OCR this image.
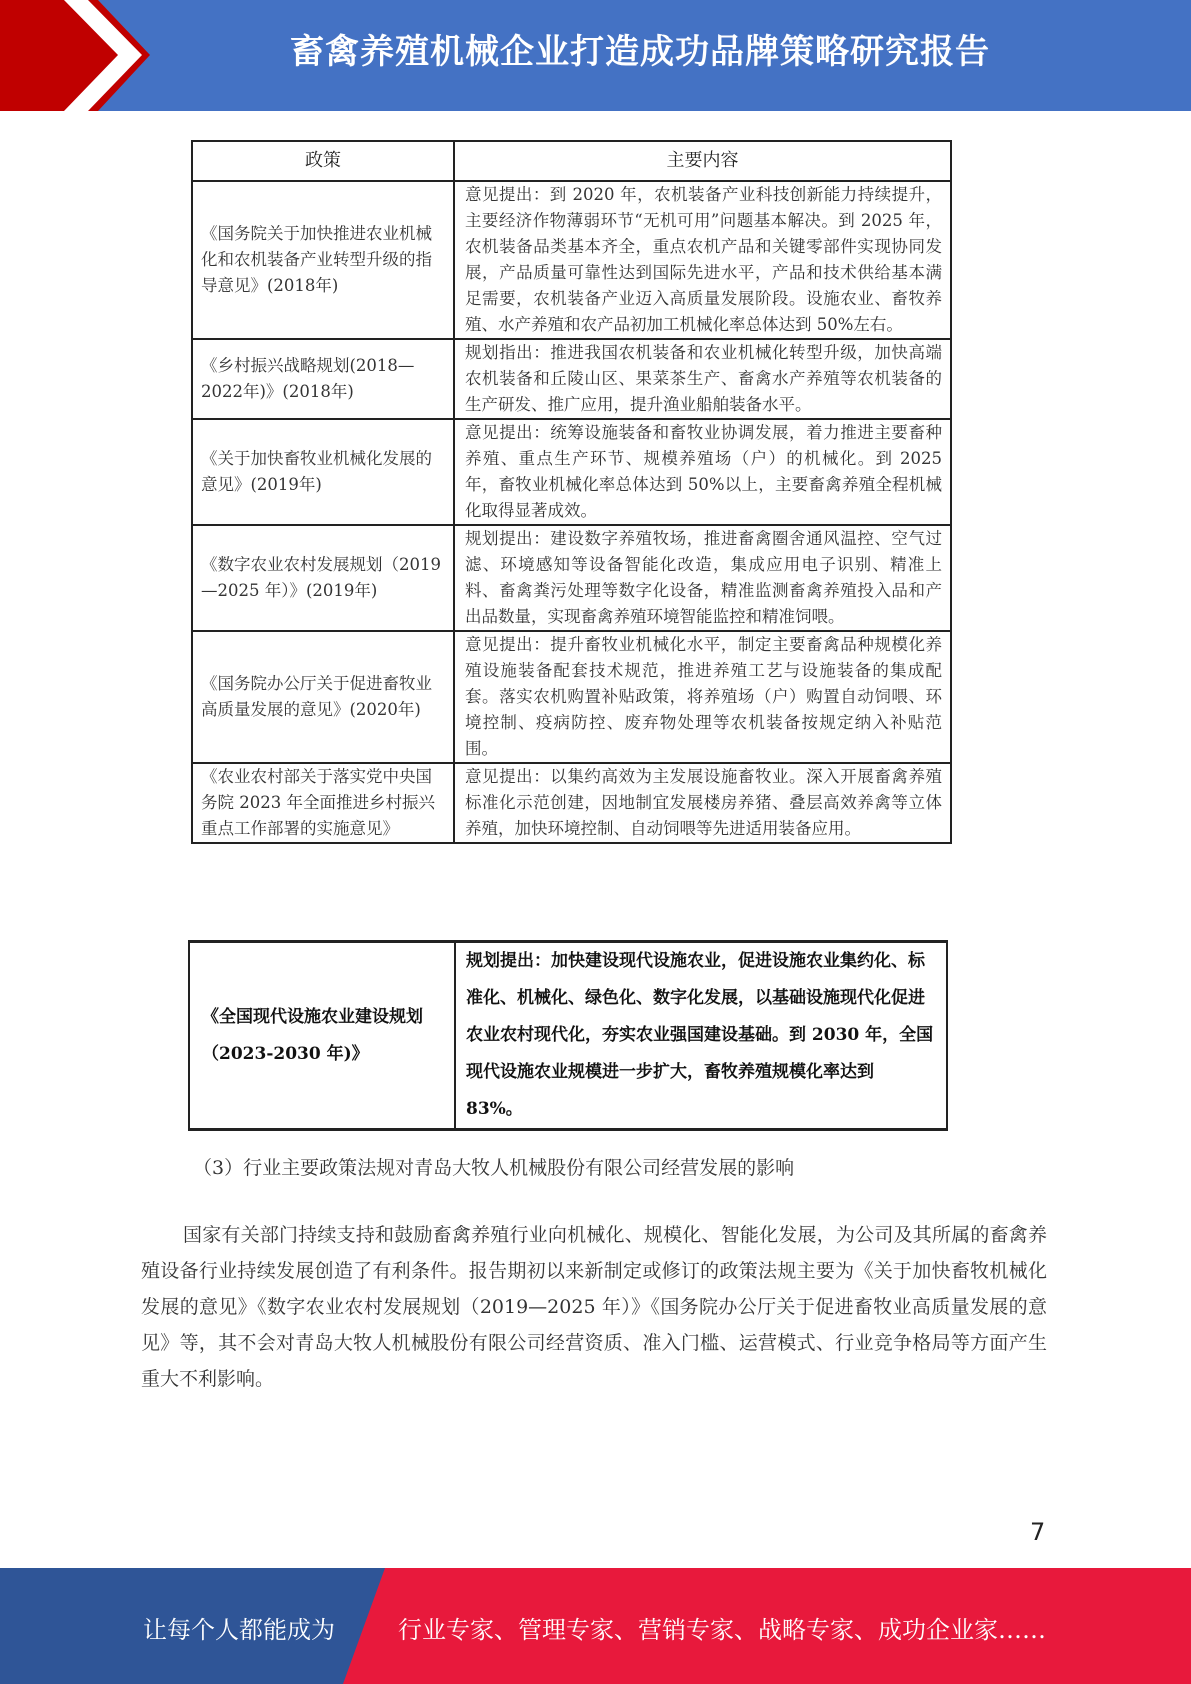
畜禽养殖机械企业打造成功品牌策略研究报告
政策	主要内容
《国务院关于加快推进农业机械化和农机装备产业转型升级的指导意见》(2018年)	意见提出：到 2020 年，农机装备产业科技创新能力持续提升，主要经济作物薄弱环节“无机可用”问题基本解决。到 2025 年，农机装备品类基本齐全，重点农机产品和关键零部件实现协同发展，产品质量可靠性达到国际先进水平，产品和技术供给基本满足需要，农机装备产业迈入高质量发展阶段。设施农业、畜牧养殖、水产养殖和农产品初加工机械化率总体达到 50%左右。
《乡村振兴战略规划(2018—2022年)》(2018年)	规划指出：推进我国农机装备和农业机械化转型升级，加快高端农机装备和丘陵山区、果菜茶生产、畜禽水产养殖等农机装备的生产研发、推广应用，提升渔业船舶装备水平。
《关于加快畜牧业机械化发展的意见》(2019年)	意见提出：统筹设施装备和畜牧业协调发展，着力推进主要畜种养殖、重点生产环节、规模养殖场（户）的机械化。到 2025 年，畜牧业机械化率总体达到 50%以上，主要畜禽养殖全程机械化取得显著成效。
《数字农业农村发展规划（2019—2025 年）》(2019年)	规划提出：建设数字养殖牧场，推进畜禽圈舍通风温控、空气过滤、环境感知等设备智能化改造，集成应用电子识别、精准上料、畜禽粪污处理等数字化设备，精准监测畜禽养殖投入品和产出品数量，实现畜禽养殖环境智能监控和精准饲喂。
《国务院办公厅关于促进畜牧业高质量发展的意见》(2020年)	意见提出：提升畜牧业机械化水平，制定主要畜禽品种规模化养殖设施装备配套技术规范，推进养殖工艺与设施装备的集成配套。落实农机购置补贴政策，将养殖场（户）购置自动饲喂、环境控制、疫病防控、废弃物处理等农机装备按规定纳入补贴范围。
《农业农村部关于落实党中央国务院 2023 年全面推进乡村振兴重点工作部署的实施意见》	意见提出：以集约高效为主发展设施畜牧业。深入开展畜禽养殖标准化示范创建，因地制宜发展楼房养猪、叠层高效养禽等立体养殖，加快环境控制、自动饲喂等先进适用装备应用。
《全国现代设施农业建设规划（2023-2030 年)》	规划提出：加快建设现代设施农业，促进设施农业集约化、标准化、机械化、绿色化、数字化发展，以基础设施现代化促进农业农村现代化，夯实农业强国建设基础。到 2030 年，全国现代设施农业规模进一步扩大，畜牧养殖规模化率达到 83%。
（3）行业主要政策法规对青岛大牧人机械股份有限公司经营发展的影响

国家有关部门持续支持和鼓励畜禽养殖行业向机械化、规模化、智能化发展，为公司及其所属的畜禽养殖设备行业持续发展创造了有利条件。报告期初以来新制定或修订的政策法规主要为《关于加快畜牧机械化发展的意见》《数字农业农村发展规划（2019—2025 年）》《国务院办公厅关于促进畜牧业高质量发展的意见》等，其不会对青岛大牧人机械股份有限公司经营资质、准入门槛、运营模式、行业竞争格局等方面产生重大不利影响。

7
让每个人都能成为	行业专家、管理专家、营销专家、战略专家、成功企业家……
